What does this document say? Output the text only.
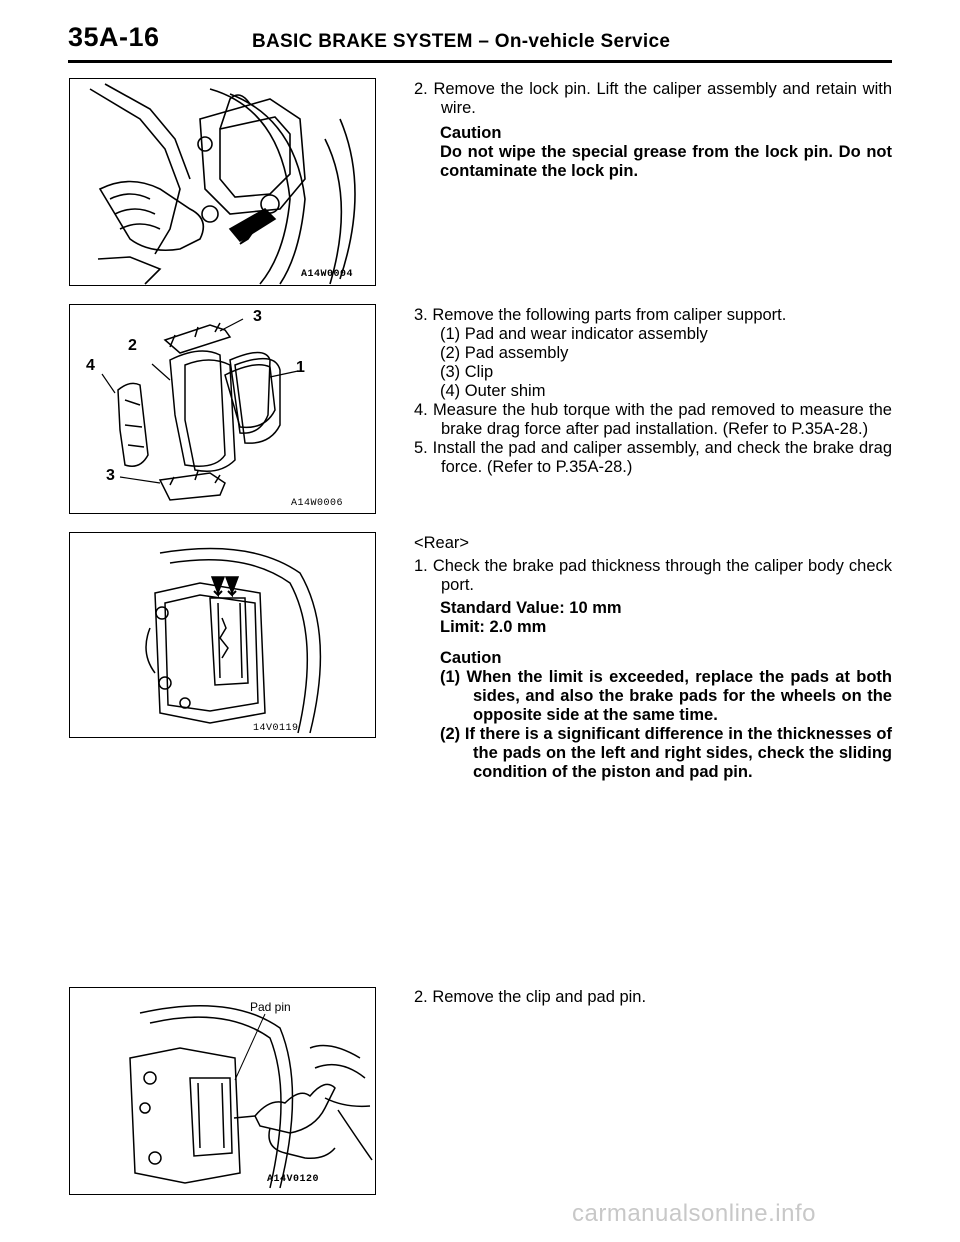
35A-16	BASIC BRAKE SYSTEM – On-vehicle Service
A14W0004

2. Remove the lock pin. Lift the caliper assembly and retain with wire.

Caution

Do not wipe the special grease from the lock pin. Do not contaminate the lock pin.

3
2
4	1
3
A14W0006

3. Remove the following parts from caliper support.

(1) Pad and wear indicator assembly

(2) Pad assembly

(3) Clip

(4) Outer shim

4. Measure the hub torque with the pad removed to measure the brake drag force after pad installation. (Refer to P.35A-28.)

5. Install the pad and caliper assembly, and check the brake drag force. (Refer to P.35A-28.)

14V0119

<Rear>

1. Check the brake pad thickness through the caliper body check port.

Standard Value: 10 mm

Limit: 2.0 mm

Caution

(1) When the limit is exceeded, replace the pads at both sides, and also the brake pads for the wheels on the opposite side at the same time.

(2) If there is a significant difference in the thicknesses of the pads on the left and right sides, check the sliding condition of the piston and pad pin.

Pad pin
A14V0120

2. Remove the clip and pad pin.

carmanualsonline.info
